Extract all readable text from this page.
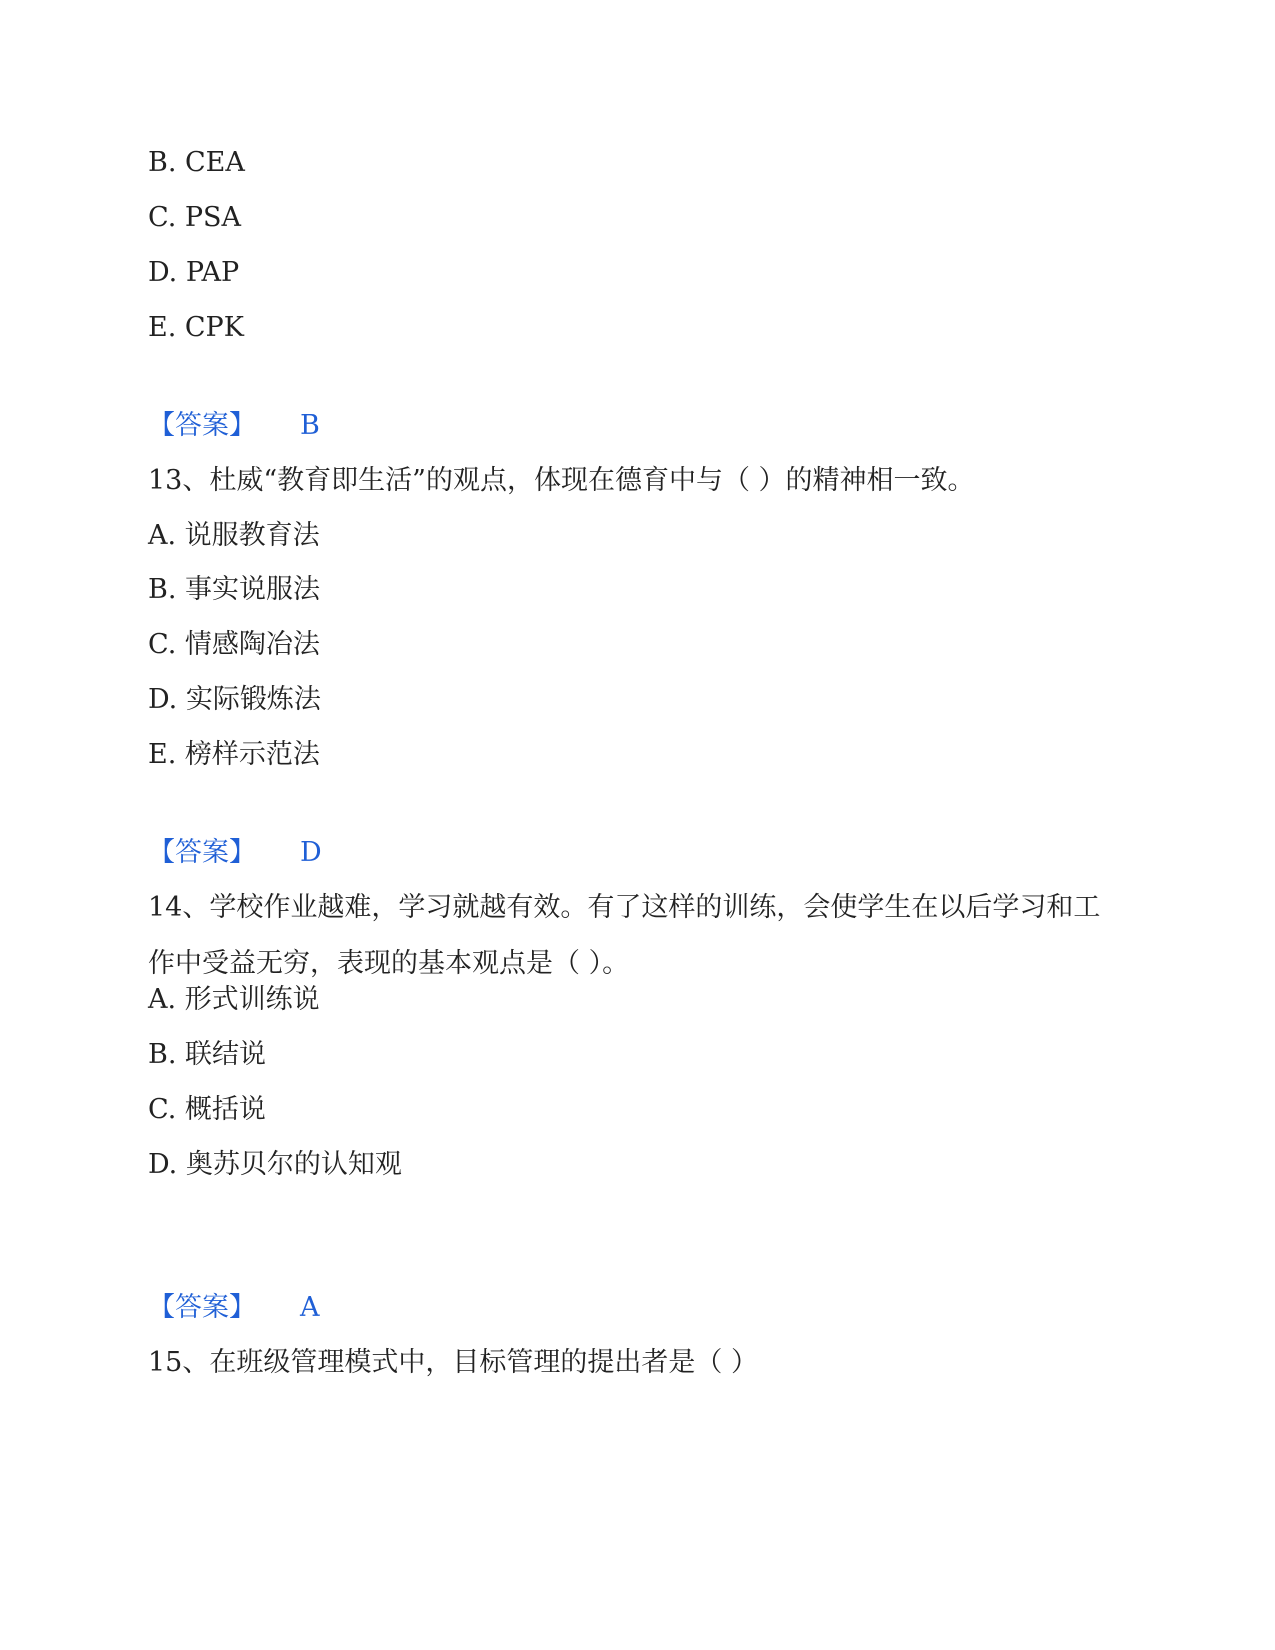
B. CEA

C. PSA

D. PAP

E. CPK

【答案】 B

13、杜威“教育即生活”的观点，体现在德育中与（ ）的精神相一致。

A. 说服教育法

B. 事实说服法

C. 情感陶冶法

D. 实际锻炼法

E. 榜样示范法

【答案】 D

14、学校作业越难，学习就越有效。有了这样的训练，会使学生在以后学习和工作中受益无穷，表现的基本观点是（ ）。

A. 形式训练说

B. 联结说

C. 概括说

D. 奥苏贝尔的认知观

【答案】 A

15、在班级管理模式中，目标管理的提出者是（ ）
